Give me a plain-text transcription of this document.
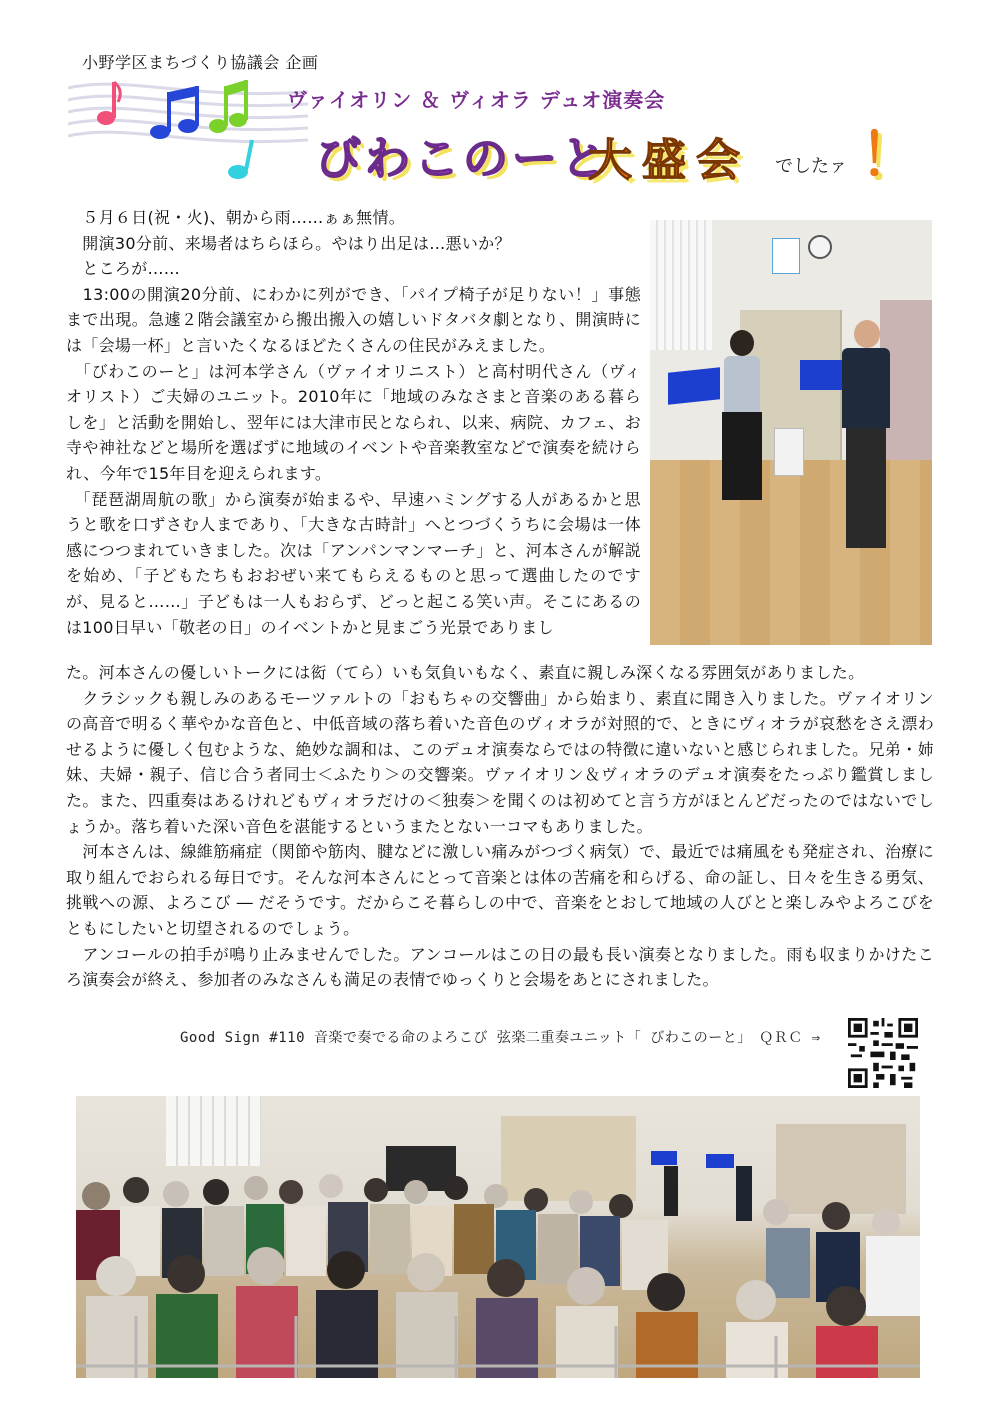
小野学区まちづくり協議会 企画
ヴァイオリン ＆ ヴィオラ デュオ演奏会
びわこのーと
大盛会 でしたァ ！
　５月６日(祝・火)、朝から雨……ぁぁ無情。
　開演30分前、来場者はちらほら。やはり出足は…悪いか？
　ところが……
　13:00の開演20分前、にわかに列ができ、「パイプ椅子が足りない！」事態まで出現。急遽２階会議室から搬出搬入の嬉しいドタバタ劇となり、開演時には「会場一杯」と言いたくなるほどたくさんの住民がみえました。
　「びわこのーと」は河本学さん（ヴァイオリニスト）と高村明代さん（ヴィオリスト）ご夫婦のユニット。2010年に「地域のみなさまと音楽のある暮らしを」と活動を開始し、翌年には大津市民となられ、以来、病院、カフェ、お寺や神社などと場所を選ばずに地域のイベントや音楽教室などで演奏を続けられ、今年で15年目を迎えられます。
　「琵琶湖周航の歌」から演奏が始まるや、早速ハミングする人があるかと思うと歌を口ずさむ人まであり、「大きな古時計」へとつづくうちに会場は一体感につつまれていきました。次は「アンパンマンマーチ」と、河本さんが解説を始め、「子どもたちもおおぜい来てもらえるものと思って選曲したのですが、見ると……」子どもは一人もおらず、どっと起こる笑い声。そこにあるのは100日早い「敬老の日」のイベントかと見まごう光景でありまし
た。河本さんの優しいトークには衒（てら）いも気負いもなく、素直に親しみ深くなる雰囲気がありました。
　クラシックも親しみのあるモーツァルトの「おもちゃの交響曲」から始まり、素直に聞き入りました。ヴァイオリンの高音で明るく華やかな音色と、中低音域の落ち着いた音色のヴィオラが対照的で、ときにヴィオラが哀愁をさえ漂わせるように優しく包むような、絶妙な調和は、このデュオ演奏ならではの特徴に違いないと感じられました。兄弟・姉妹、夫婦・親子、信じ合う者同士＜ふたり＞の交響楽。ヴァイオリン＆ヴィオラのデュオ演奏をたっぷり鑑賞しました。また、四重奏はあるけれどもヴィオラだけの＜独奏＞を聞くのは初めてと言う方がほとんどだったのではないでしょうか。落ち着いた深い音色を湛能するというまたとない一コマもありました。
　河本さんは、線維筋痛症（関節や筋肉、腱などに激しい痛みがつづく病気）で、最近では痛風をも発症され、治療に取り組んでおられる毎日です。そんな河本さんにとって音楽とは体の苦痛を和らげる、命の証し、日々を生きる勇気、挑戦への源、よろこび ― だそうです。だからこそ暮らしの中で、音楽をとおして地域の人びとと楽しみやよろこびをともにしたいと切望されるのでしょう。
　アンコールの拍手が鳴り止みませんでした。アンコールはこの日の最も長い演奏となりました。雨も収まりかけたころ演奏会が終え、参加者のみなさんも満足の表情でゆっくりと会場をあとにされました。
Good Sign #110 音楽で奏でる命のよろこび 弦楽二重奏ユニット「 びわこのーと」　ＱＲＣ ⇒
